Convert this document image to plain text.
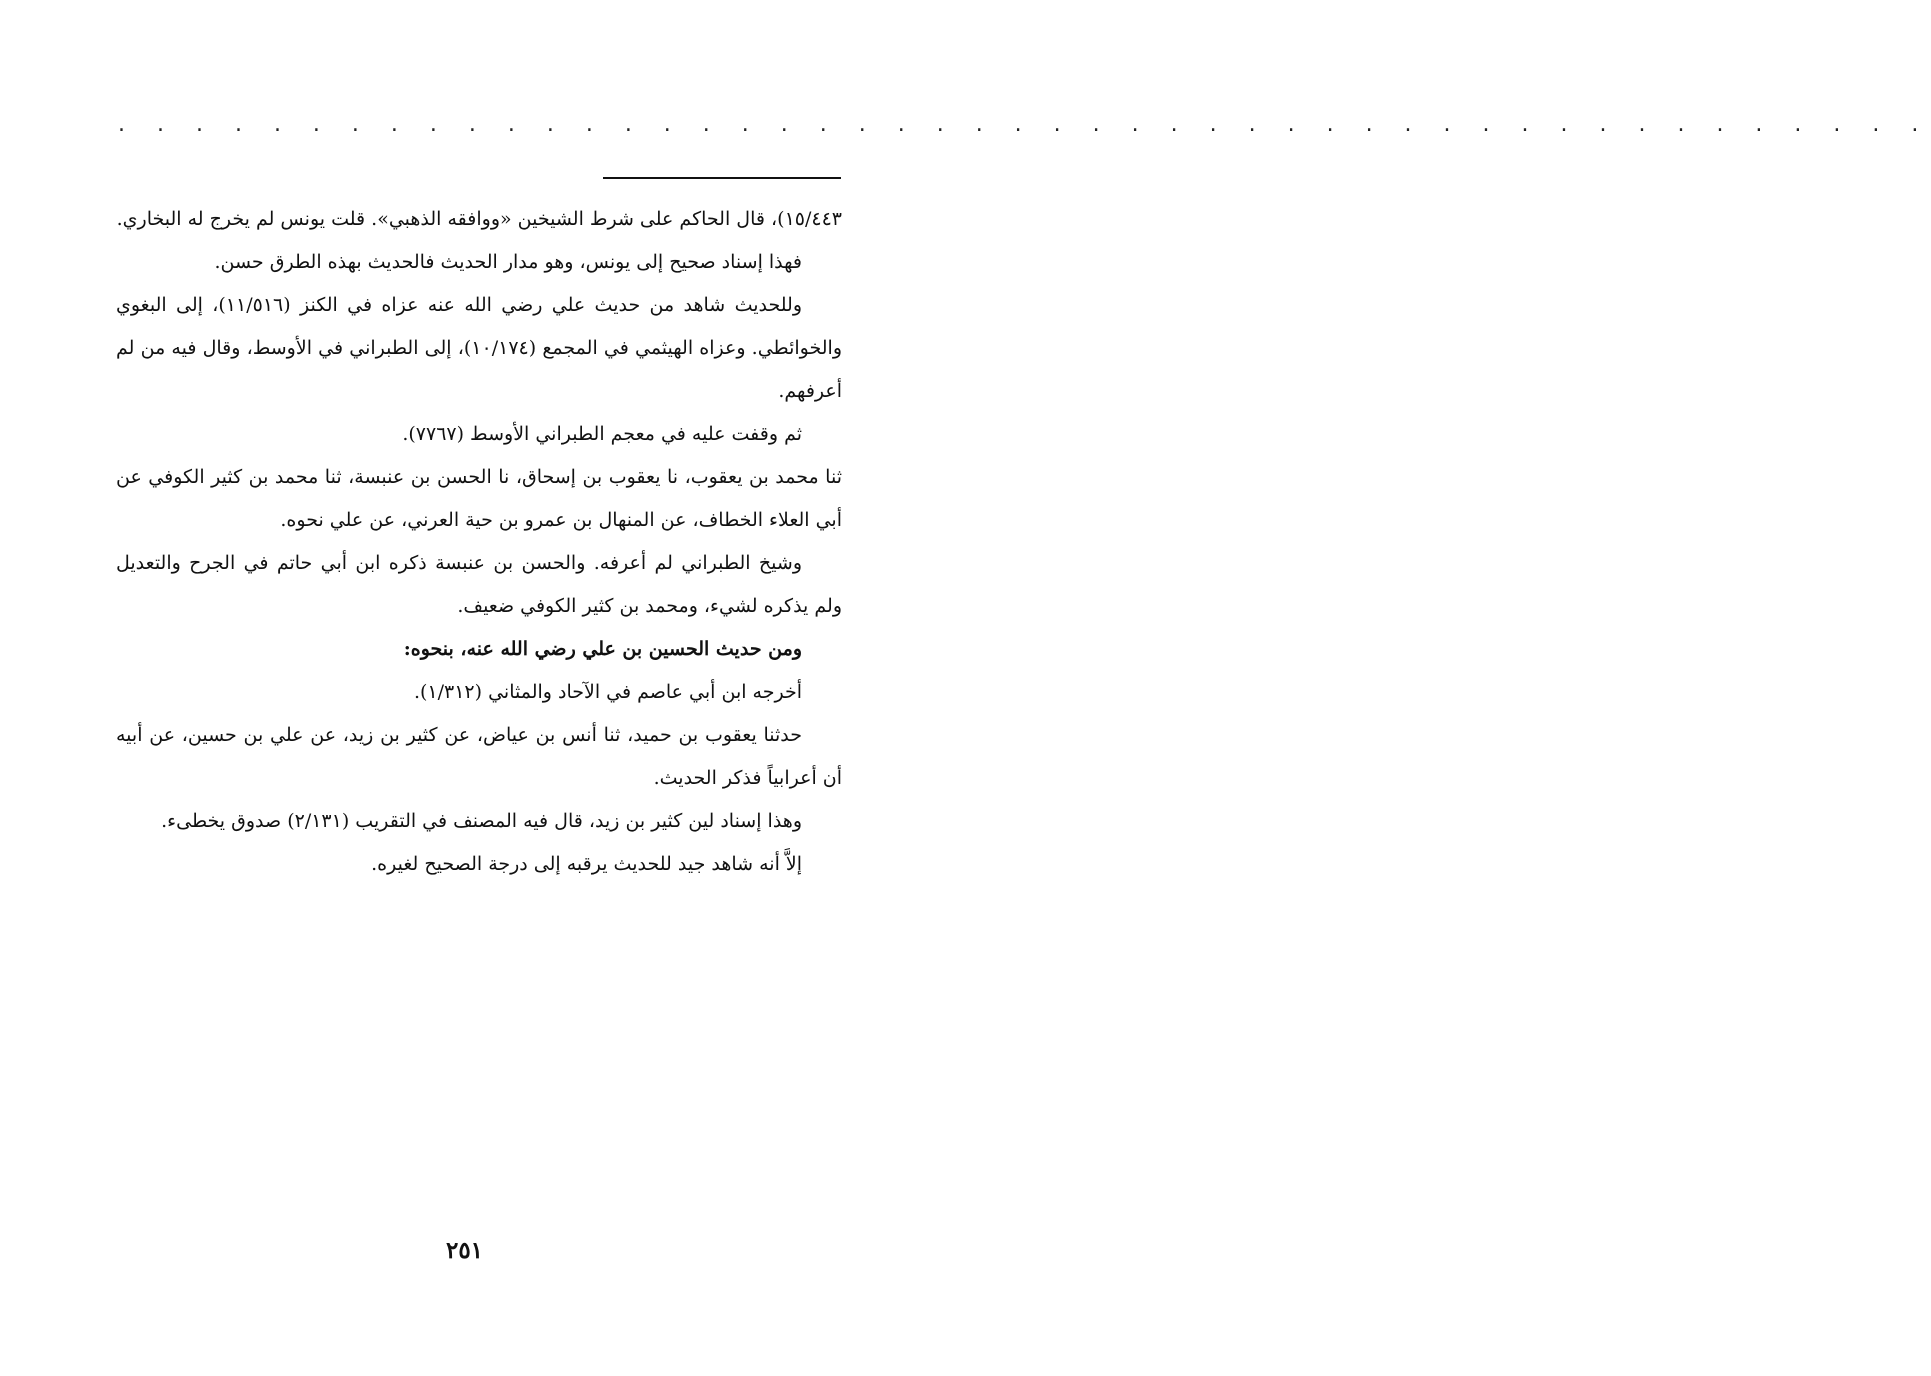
. . . . . . . . . . . . . . . . . . . . . . . . . . . . . . . . . . . . . . . . . . . . . . .

١٥/٤٤٣)، قال الحاكم على شرط الشيخين «ووافقه الذهبي». قلت يونس لم يخرج له البخاري.

فهذا إسناد صحيح إلى يونس، وهو مدار الحديث فالحديث بهذه الطرق حسن.

وللحديث شاهد من حديث علي رضي الله عنه عزاه في الكنز (١١/٥١٦)، إلى البغوي والخوائطي. وعزاه الهيثمي في المجمع (١٠/١٧٤)، إلى الطبراني في الأوسط، وقال فيه من لم أعرفهم.

ثم وقفت عليه في معجم الطبراني الأوسط (٧٧٦٧).

ثنا محمد بن يعقوب، نا يعقوب بن إسحاق، نا الحسن بن عنبسة، ثنا محمد بن كثير الكوفي عن أبي العلاء الخطاف، عن المنهال بن عمرو بن حية العرني، عن علي نحوه.

وشيخ الطبراني لم أعرفه. والحسن بن عنبسة ذكره ابن أبي حاتم في الجرح والتعديل ولم يذكره لشيء، ومحمد بن كثير الكوفي ضعيف.

ومن حديث الحسين بن علي رضي الله عنه، بنحوه:

أخرجه ابن أبي عاصم في الآحاد والمثاني (١/٣١٢).

حدثنا يعقوب بن حميد، ثنا أنس بن عياض، عن كثير بن زيد، عن علي بن حسين، عن أبيه أن أعرابياً فذكر الحديث.

وهذا إسناد لين كثير بن زيد، قال فيه المصنف في التقريب (٢/١٣١) صدوق يخطىء.

إلاَّ أنه شاهد جيد للحديث يرقبه إلى درجة الصحيح لغيره.

٢٥١
